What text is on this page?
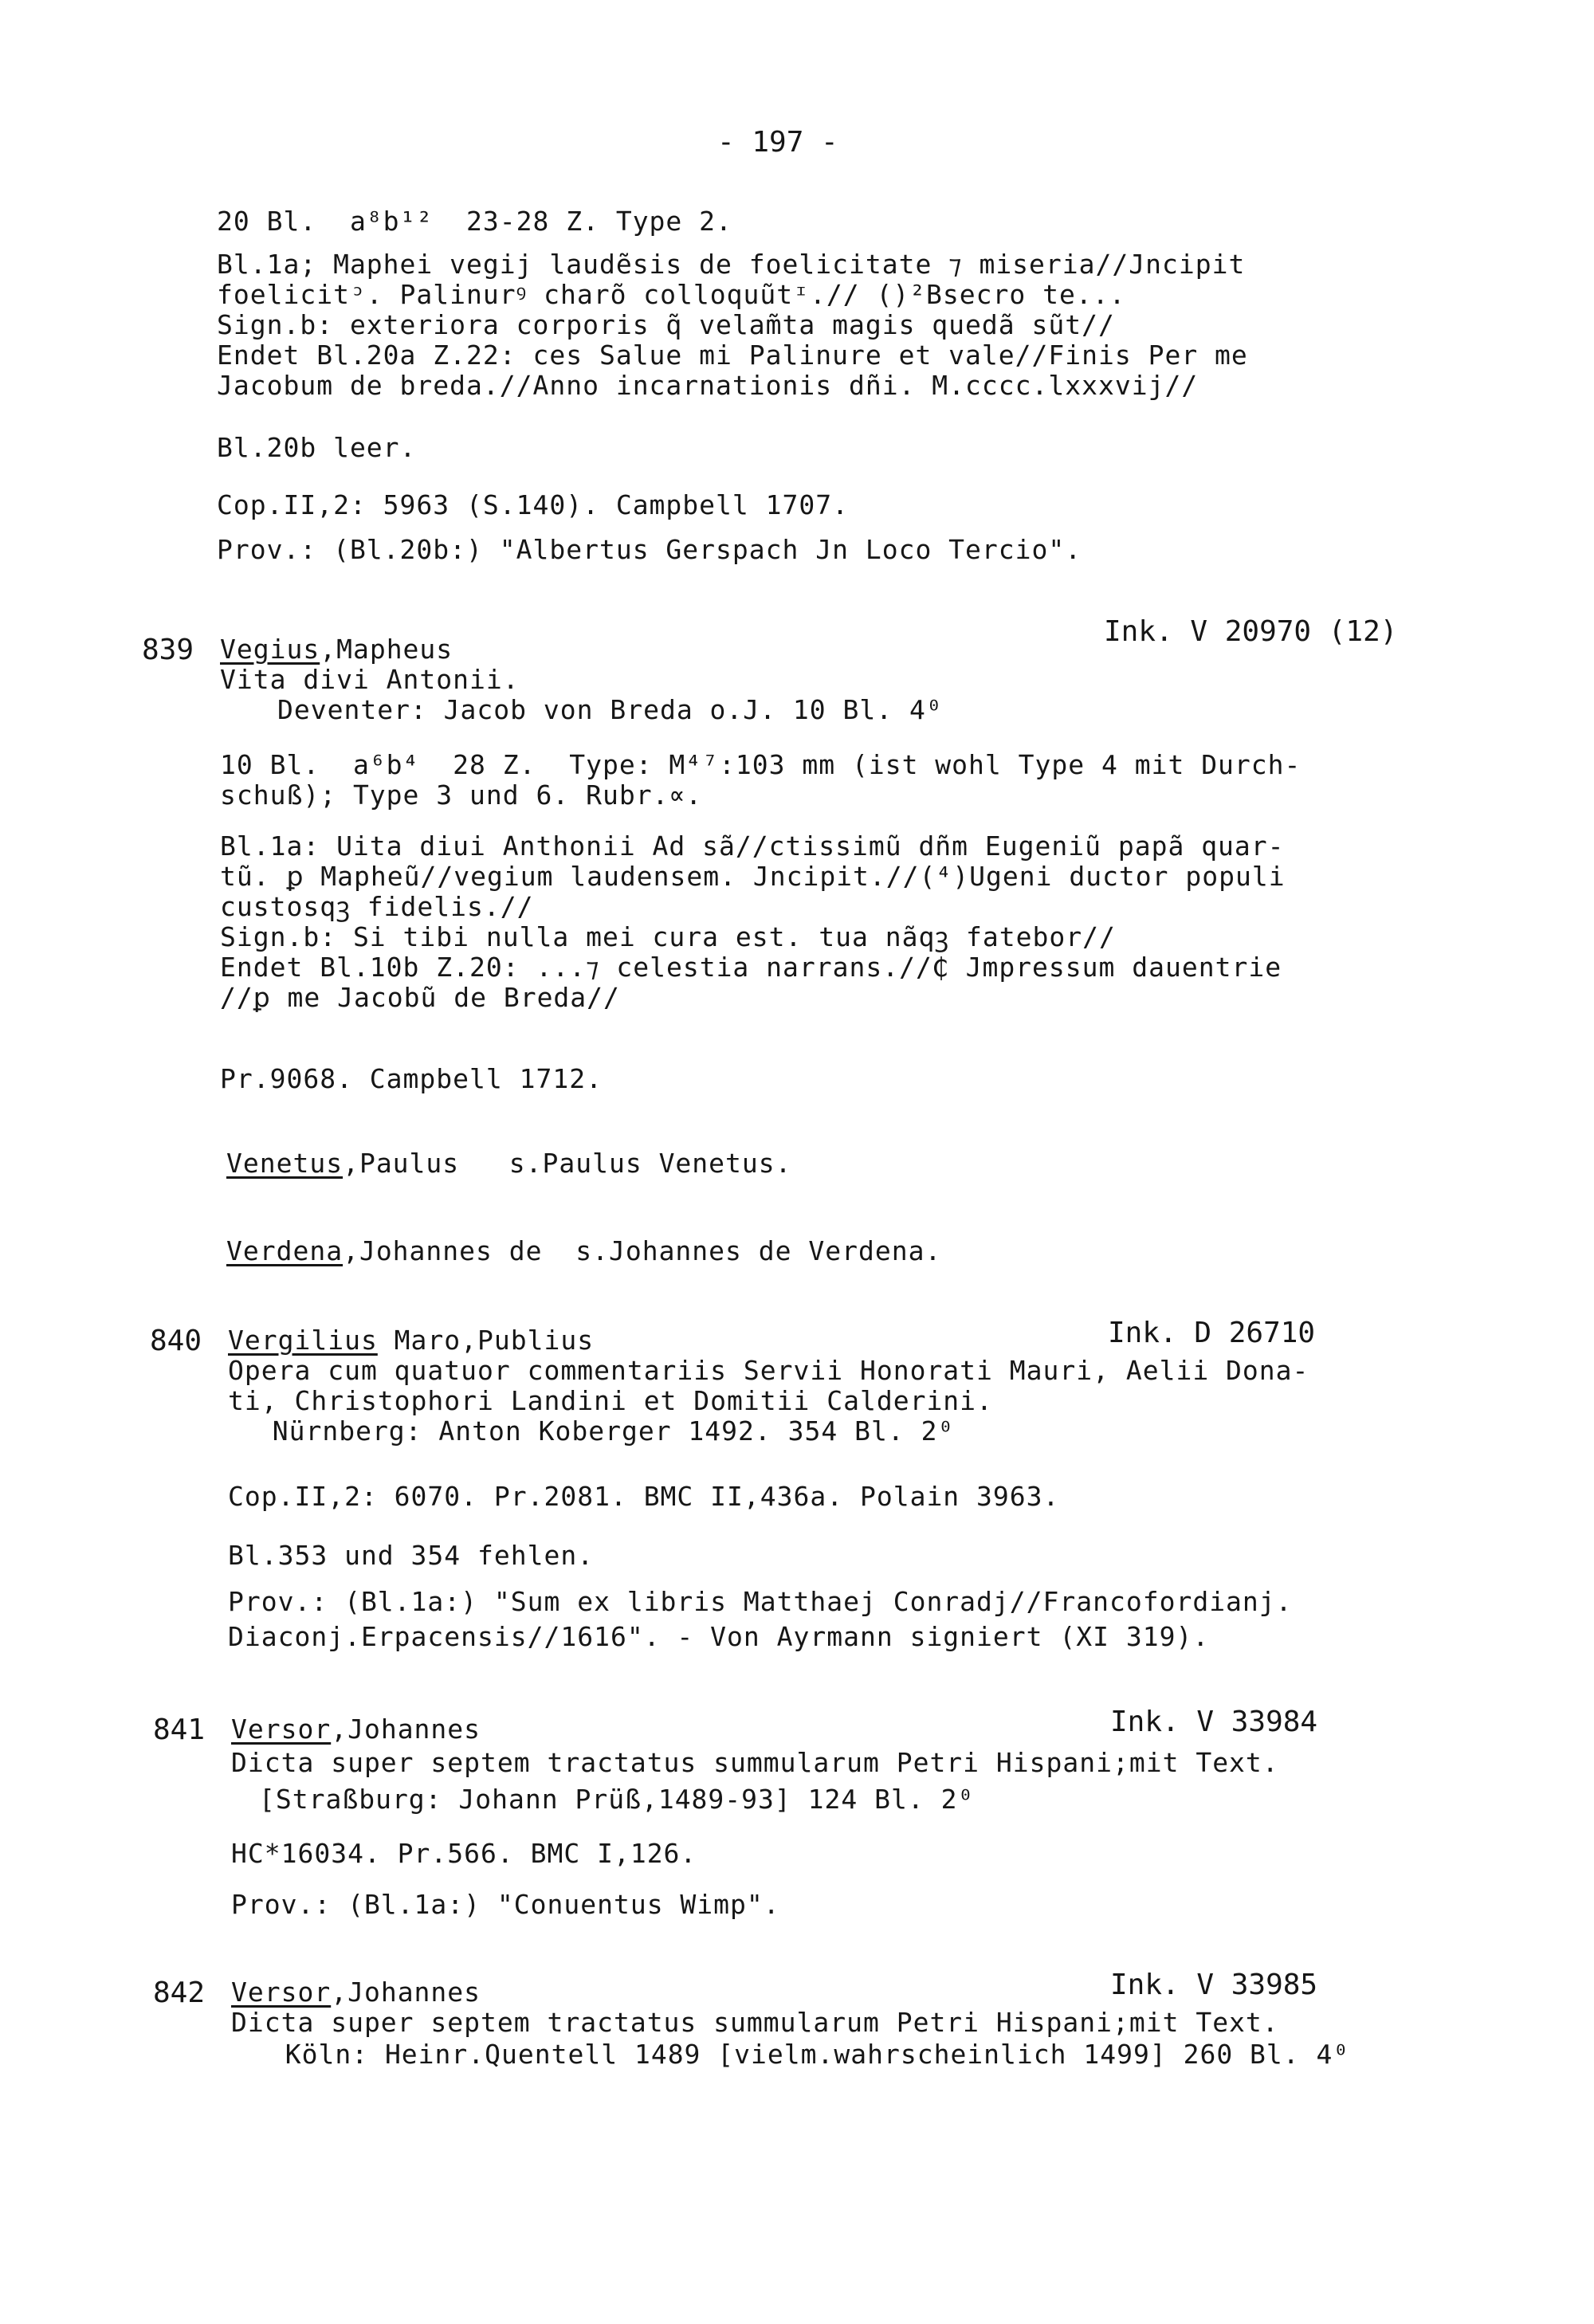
- 197 -
20 Bl.  a⁸b¹²  23-28 Z. Type 2.
Bl.1a; Maphei vegij laudẽsis de foelicitate ⁊ miseria//Jncipit
foelicitᵓ. Palinurꝰ charõ colloquũtᶦ.// ()²Bsecro te...
Sign.b: exteriora corporis q̃ velam̃ta magis quedã sũt//
Endet Bl.20a Z.22: ces Salue mi Palinure et vale//Finis Per me
Jacobum de breda.//Anno incarnationis dñi. M.cccc.lxxxvij//
Bl.20b leer.
Cop.II,2: 5963 (S.140). Campbell 1707.
Prov.: (Bl.20b:) "Albertus Gerspach Jn Loco Tercio".
839 Vegius,Mapheus
Ink. V 20970 (12)
Vita divi Antonii.
Deventer: Jacob von Breda o.J. 10 Bl. 4⁰
10 Bl.  a⁶b⁴  28 Z.  Type: M⁴⁷:103 mm (ist wohl Type 4 mit Durch-
schuß); Type 3 und 6. Rubr.∝.
Bl.1a: Uita diui Anthonii Ad sã//ctissimũ dñm Eugeniũ papã quar-
tũ. ꝑ Mapheũ//vegium laudensem. Jncipit.//(⁴)Ugeni ductor populi
custosqꝫ fidelis.//
Sign.b: Si tibi nulla mei cura est. tua nãqꝫ fatebor//
Endet Bl.10b Z.20: ...⁊ celestia narrans.//₵ Jmpressum dauentrie
//ꝑ me Jacobũ de Breda//
Pr.9068. Campbell 1712.
Venetus,Paulus   s.Paulus Venetus.
Verdena,Johannes de  s.Johannes de Verdena.
840 Vergilius Maro,Publius	Ink. D 26710
Opera cum quatuor commentariis Servii Honorati Mauri, Aelii Dona-
ti, Christophori Landini et Domitii Calderini.
Nürnberg: Anton Koberger 1492. 354 Bl. 2⁰
Cop.II,2: 6070. Pr.2081. BMC II,436a. Polain 3963.
Bl.353 und 354 fehlen.
Prov.: (Bl.1a:) "Sum ex libris Matthaej Conradj//Francofordianj.
Diaconj.Erpacensis//1616". - Von Ayrmann signiert (XI 319).
841 Versor,Johannes	Ink. V 33984
Dicta super septem tractatus summularum Petri Hispani;mit Text.
[Straßburg: Johann Prüß,1489-93] 124 Bl. 2⁰
HC*16034. Pr.566. BMC I,126.
Prov.: (Bl.1a:) "Conuentus Wimp".
842 Versor,Johannes	Ink. V 33985
Dicta super septem tractatus summularum Petri Hispani;mit Text.
Köln: Heinr.Quentell 1489 [vielm.wahrscheinlich 1499] 260 Bl. 4⁰
